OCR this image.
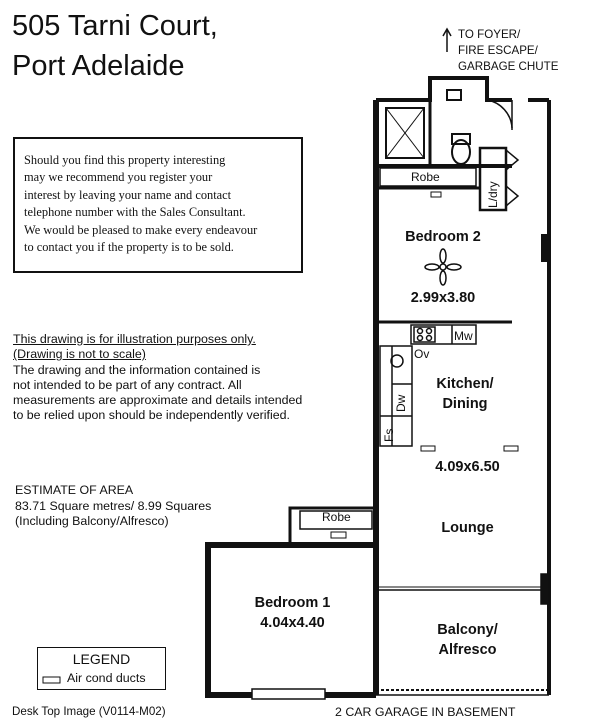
505 Tarni Court,
Port Adelaide
Should you find this property interesting
may we recommend you register your
interest by leaving your name and contact
telephone number with the Sales Consultant.
We would be pleased to make every endeavour
to contact you if the property is to be sold.
This drawing is for illustration purposes only.
(Drawing is not to scale)
The drawing and the information contained is
not intended to be part of any contract. All
measurements are approximate and details intended
to be relied upon should be independently verified.
ESTIMATE OF AREA
83.71 Square metres/ 8.99 Squares
(Including Balcony/Alfresco)
TO FOYER/
FIRE ESCAPE/
GARBAGE CHUTE
Robe
L/dry
Mw
Ov
Dw
Fs
Robe
Bedroom 2
2.99x3.80
Kitchen/
Dining
4.09x6.50
Lounge
Bedroom 1
4.04x4.40	Balcony/
Alfresco
LEGEND
Air cond ducts
Desk Top Image (V0114-M02)	2 CAR GARAGE IN BASEMENT
